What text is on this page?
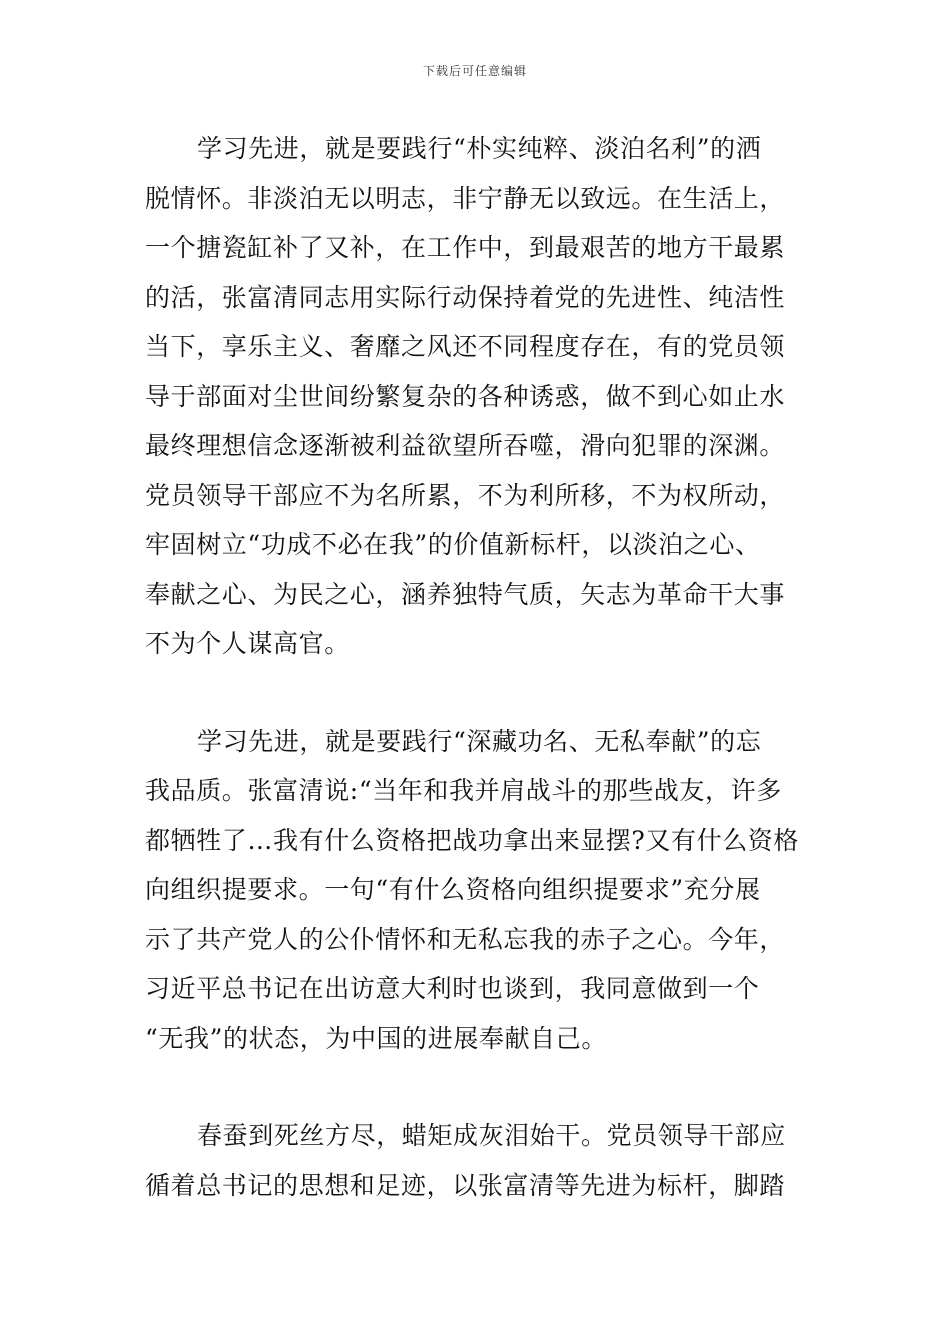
下载后可任意编辑
学习先进，就是要践行“朴实纯粹、淡泊名利”的洒
脱情怀。非淡泊无以明志，非宁静无以致远。在生活上，
一个搪瓷缸补了又补，在工作中，到最艰苦的地方干最累
的活，张富清同志用实际行动保持着党的先进性、纯洁性
当下，享乐主义、奢靡之风还不同程度存在，有的党员领
导于部面对尘世间纷繁复杂的各种诱惑，做不到心如止水
最终理想信念逐渐被利益欲望所吞噬，滑向犯罪的深渊。
党员领导干部应不为名所累，不为利所移，不为权所动，
牢固树立“功成不必在我”的价值新标杆，以淡泊之心、
奉献之心、为民之心，涵养独特气质，矢志为革命干大事
不为个人谋高官。
学习先进，就是要践行“深藏功名、无私奉献”的忘
我品质。张富清说:“当年和我并肩战斗的那些战友，许多
都牺牲了…我有什么资格把战功拿出来显摆?又有什么资格
向组织提要求。一句“有什么资格向组织提要求”充分展
示了共产党人的公仆情怀和无私忘我的赤子之心。今年，
习近平总书记在出访意大利时也谈到，我同意做到一个
“无我”的状态，为中国的进展奉献自己。
春蚕到死丝方尽，蜡矩成灰泪始干。党员领导干部应
循着总书记的思想和足迹，以张富清等先进为标杆，脚踏
